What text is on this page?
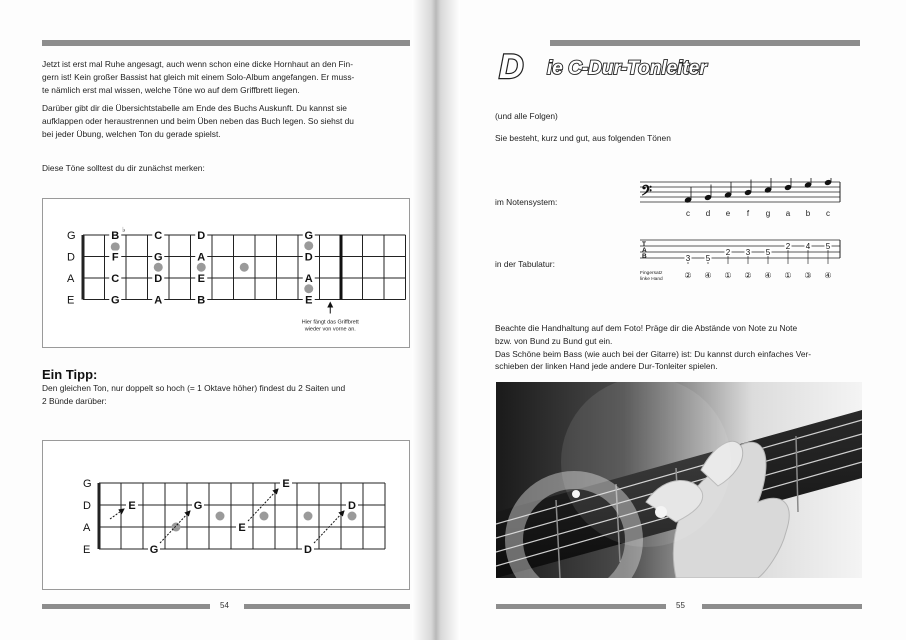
Jetzt ist erst mal Ruhe angesagt, auch wenn schon eine dicke Hornhaut an den Fin-
gern ist! Kein großer Bassist hat gleich mit einem Solo-Album angefangen. Er muss-
te nämlich erst mal wissen, welche Töne wo auf dem Griffbrett liegen.
Darüber gibt dir die Übersichtstabelle am Ende des Buchs Auskunft. Du kannst sie
aufklappen oder heraustrennen und beim Üben neben das Buch legen. So siehst du
bei jeder Übung, welchen Ton du gerade spielst.
Diese Töne solltest du dir zunächst merken:
G
D
A
E
Hier fängt das Griffbrett
wieder von vorne an.
B ♭
F
C
G
C
G
D
A
D
A
E
B
G
D
A
E
Ein Tipp:
Den gleichen Ton, nur doppelt so hoch (= 1 Oktave höher) findest du 2 Saiten und
2 Bünde darüber:
G
D
A
E
E
G
G
E
E
D
D
54
D ie C-Dur-Tonleiter
(und alle Folgen)
Sie besteht, kurz und gut, aus folgenden Tönen
im Notensystem:
in der Tabulatur:
𝄢
c d e f g a b c
T
A
B	3
②
5
④
2
①
3
②
5
④
2
①
4
③
5
④
Fingersatz
linke Hand
Beachte die Handhaltung auf dem Foto! Präge dir die Abstände von Note zu Note
bzw. von Bund zu Bund gut ein.
Das Schöne beim Bass (wie auch bei der Gitarre) ist: Du kannst durch einfaches Ver-
schieben der linken Hand jede andere Dur-Tonleiter spielen.
55
